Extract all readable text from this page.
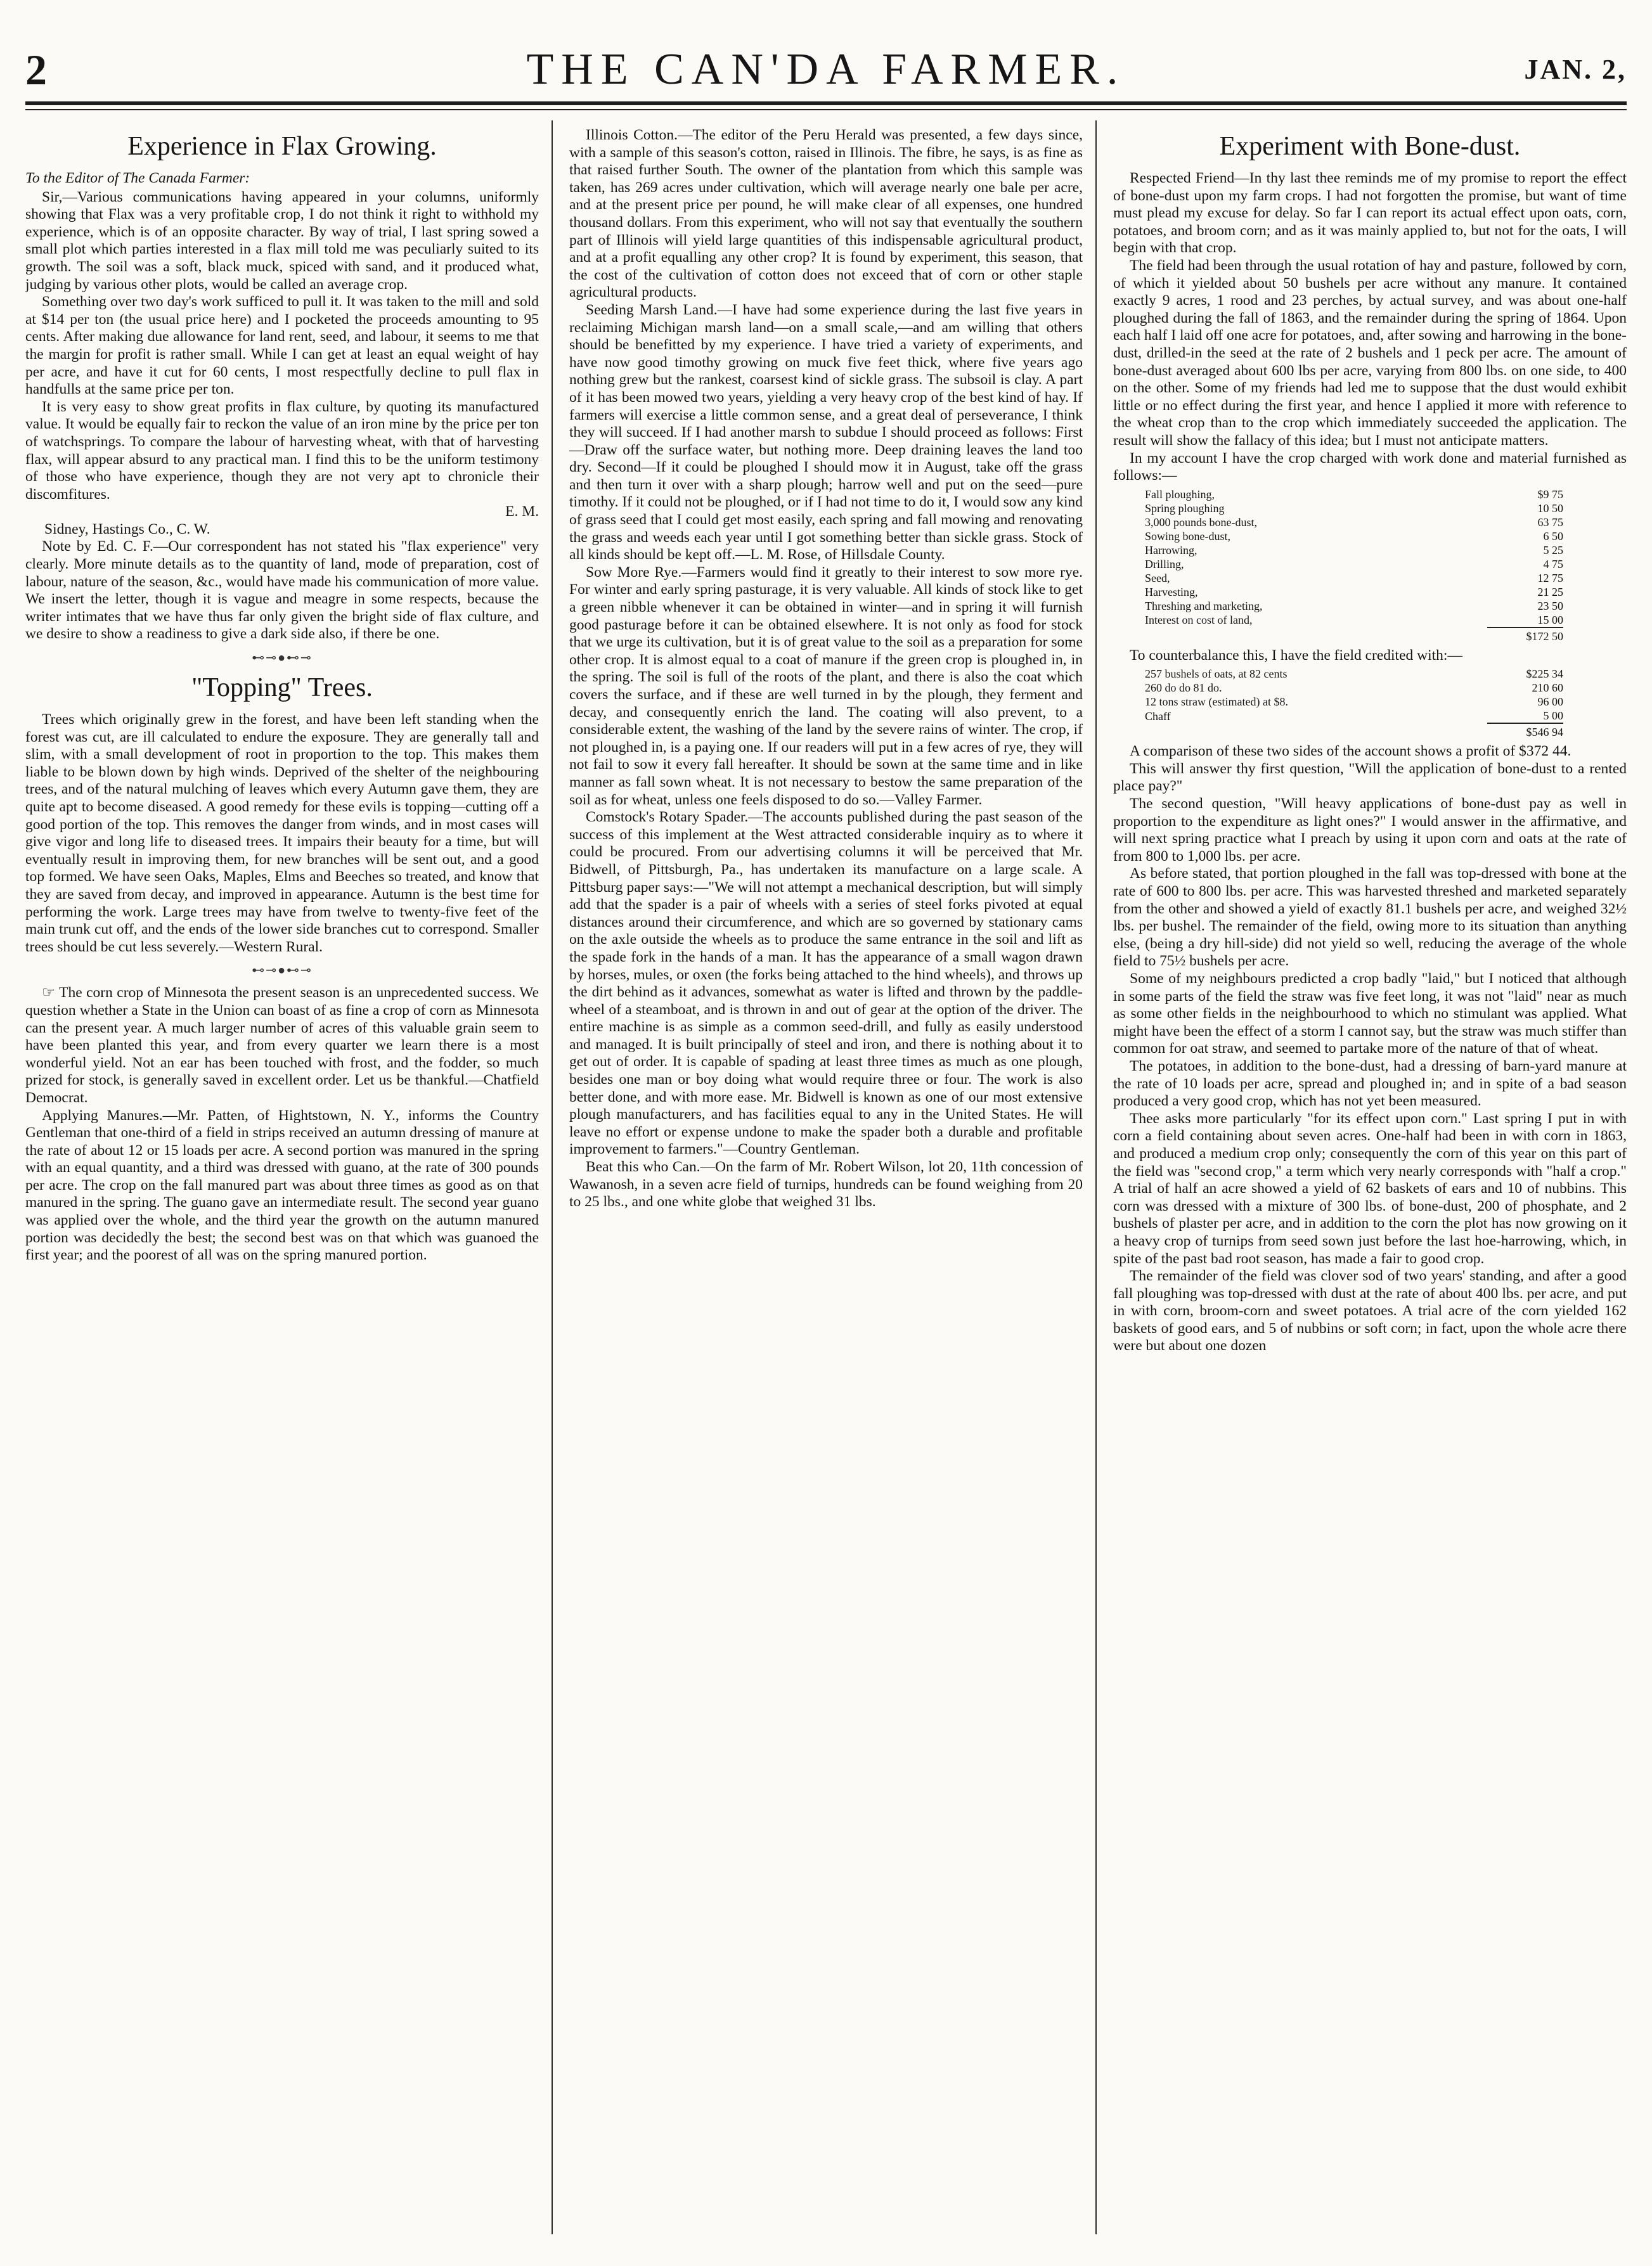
2	THE CAN'DA FARMER.	JAN. 2,
Experience in Flax Growing.

To the Editor of The Canada Farmer:

Sir,—Various communications having appeared in your columns, uniformly showing that Flax was a very profitable crop, I do not think it right to withhold my experience, which is of an opposite character. By way of trial, I last spring sowed a small plot which parties interested in a flax mill told me was peculiarly suited to its growth. The soil was a soft, black muck, spiced with sand, and it produced what, judging by various other plots, would be called an average crop.

Something over two day's work sufficed to pull it. It was taken to the mill and sold at $14 per ton (the usual price here) and I pocketed the proceeds amounting to 95 cents. After making due allowance for land rent, seed, and labour, it seems to me that the margin for profit is rather small. While I can get at least an equal weight of hay per acre, and have it cut for 60 cents, I most respectfully decline to pull flax in handfulls at the same price per ton.

It is very easy to show great profits in flax culture, by quoting its manufactured value. It would be equally fair to reckon the value of an iron mine by the price per ton of watchsprings. To compare the labour of harvesting wheat, with that of harvesting flax, will appear absurd to any practical man. I find this to be the uniform testimony of those who have experience, though they are not very apt to chronicle their discomfitures.

E. M.

Sidney, Hastings Co., C. W.

Note by Ed. C. F.—Our correspondent has not stated his "flax experience" very clearly. More minute details as to the quantity of land, mode of preparation, cost of labour, nature of the season, &c., would have made his communication of more value. We insert the letter, though it is vague and meagre in some respects, because the writer intimates that we have thus far only given the bright side of flax culture, and we desire to show a readiness to give a dark side also, if there be one.

⊷⊸●⊷⊸
"Topping" Trees.

Trees which originally grew in the forest, and have been left standing when the forest was cut, are ill calculated to endure the exposure. They are generally tall and slim, with a small development of root in proportion to the top. This makes them liable to be blown down by high winds. Deprived of the shelter of the neighbouring trees, and of the natural mulching of leaves which every Autumn gave them, they are quite apt to become diseased. A good remedy for these evils is topping—cutting off a good portion of the top. This removes the danger from winds, and in most cases will give vigor and long life to diseased trees. It impairs their beauty for a time, but will eventually result in improving them, for new branches will be sent out, and a good top formed. We have seen Oaks, Maples, Elms and Beeches so treated, and know that they are saved from decay, and improved in appearance. Autumn is the best time for performing the work. Large trees may have from twelve to twenty-five feet of the main trunk cut off, and the ends of the lower side branches cut to correspond. Smaller trees should be cut less severely.—Western Rural.

⊷⊸●⊷⊸

☞ The corn crop of Minnesota the present season is an unprecedented success. We question whether a State in the Union can boast of as fine a crop of corn as Minnesota can the present year. A much larger number of acres of this valuable grain seem to have been planted this year, and from every quarter we learn there is a most wonderful yield. Not an ear has been touched with frost, and the fodder, so much prized for stock, is generally saved in excellent order. Let us be thankful.—Chatfield Democrat.

Applying Manures.—Mr. Patten, of Hightstown, N. Y., informs the Country Gentleman that one-third of a field in strips received an autumn dressing of manure at the rate of about 12 or 15 loads per acre. A second portion was manured in the spring with an equal quantity, and a third was dressed with guano, at the rate of 300 pounds per acre. The crop on the fall manured part was about three times as good as on that manured in the spring. The guano gave an intermediate result. The second year guano was applied over the whole, and the third year the growth on the autumn manured portion was decidedly the best; the second best was on that which was guanoed the first year; and the poorest of all was on the spring manured portion.

Illinois Cotton.—The editor of the Peru Herald was presented, a few days since, with a sample of this season's cotton, raised in Illinois. The fibre, he says, is as fine as that raised further South. The owner of the plantation from which this sample was taken, has 269 acres under cultivation, which will average nearly one bale per acre, and at the present price per pound, he will make clear of all expenses, one hundred thousand dollars. From this experiment, who will not say that eventually the southern part of Illinois will yield large quantities of this indispensable agricultural product, and at a profit equalling any other crop? It is found by experiment, this season, that the cost of the cultivation of cotton does not exceed that of corn or other staple agricultural products.

Seeding Marsh Land.—I have had some experience during the last five years in reclaiming Michigan marsh land—on a small scale,—and am willing that others should be benefitted by my experience. I have tried a variety of experiments, and have now good timothy growing on muck five feet thick, where five years ago nothing grew but the rankest, coarsest kind of sickle grass. The subsoil is clay. A part of it has been mowed two years, yielding a very heavy crop of the best kind of hay. If farmers will exercise a little common sense, and a great deal of perseverance, I think they will succeed. If I had another marsh to subdue I should proceed as follows: First—Draw off the surface water, but nothing more. Deep draining leaves the land too dry. Second—If it could be ploughed I should mow it in August, take off the grass and then turn it over with a sharp plough; harrow well and put on the seed—pure timothy. If it could not be ploughed, or if I had not time to do it, I would sow any kind of grass seed that I could get most easily, each spring and fall mowing and renovating the grass and weeds each year until I got something better than sickle grass. Stock of all kinds should be kept off.—L. M. Rose, of Hillsdale County.

Sow More Rye.—Farmers would find it greatly to their interest to sow more rye. For winter and early spring pasturage, it is very valuable. All kinds of stock like to get a green nibble whenever it can be obtained in winter—and in spring it will furnish good pasturage before it can be obtained elsewhere. It is not only as food for stock that we urge its cultivation, but it is of great value to the soil as a preparation for some other crop. It is almost equal to a coat of manure if the green crop is ploughed in, in the spring. The soil is full of the roots of the plant, and there is also the coat which covers the surface, and if these are well turned in by the plough, they ferment and decay, and consequently enrich the land. The coating will also prevent, to a considerable extent, the washing of the land by the severe rains of winter. The crop, if not ploughed in, is a paying one. If our readers will put in a few acres of rye, they will not fail to sow it every fall hereafter. It should be sown at the same time and in like manner as fall sown wheat. It is not necessary to bestow the same preparation of the soil as for wheat, unless one feels disposed to do so.—Valley Farmer.

Comstock's Rotary Spader.—The accounts published during the past season of the success of this implement at the West attracted considerable inquiry as to where it could be procured. From our advertising columns it will be perceived that Mr. Bidwell, of Pittsburgh, Pa., has undertaken its manufacture on a large scale. A Pittsburg paper says:—"We will not attempt a mechanical description, but will simply add that the spader is a pair of wheels with a series of steel forks pivoted at equal distances around their circumference, and which are so governed by stationary cams on the axle outside the wheels as to produce the same entrance in the soil and lift as the spade fork in the hands of a man. It has the appearance of a small wagon drawn by horses, mules, or oxen (the forks being attached to the hind wheels), and throws up the dirt behind as it advances, somewhat as water is lifted and thrown by the paddle-wheel of a steamboat, and is thrown in and out of gear at the option of the driver. The entire machine is as simple as a common seed-drill, and fully as easily understood and managed. It is built principally of steel and iron, and there is nothing about it to get out of order. It is capable of spading at least three times as much as one plough, besides one man or boy doing what would require three or four. The work is also better done, and with more ease. Mr. Bidwell is known as one of our most extensive plough manufacturers, and has facilities equal to any in the United States. He will leave no effort or expense undone to make the spader both a durable and profitable improvement to farmers."—Country Gentleman.

Beat this who Can.—On the farm of Mr. Robert Wilson, lot 20, 11th concession of Wawanosh, in a seven acre field of turnips, hundreds can be found weighing from 20 to 25 lbs., and one white globe that weighed 31 lbs.

Experiment with Bone-dust.

Respected Friend—In thy last thee reminds me of my promise to report the effect of bone-dust upon my farm crops. I had not forgotten the promise, but want of time must plead my excuse for delay. So far I can report its actual effect upon oats, corn, potatoes, and broom corn; and as it was mainly applied to, but not for the oats, I will begin with that crop.

The field had been through the usual rotation of hay and pasture, followed by corn, of which it yielded about 50 bushels per acre without any manure. It contained exactly 9 acres, 1 rood and 23 perches, by actual survey, and was about one-half ploughed during the fall of 1863, and the remainder during the spring of 1864. Upon each half I laid off one acre for potatoes, and, after sowing and harrowing in the bone-dust, drilled-in the seed at the rate of 2 bushels and 1 peck per acre. The amount of bone-dust averaged about 600 lbs per acre, varying from 800 lbs. on one side, to 400 on the other. Some of my friends had led me to suppose that the dust would exhibit little or no effect during the first year, and hence I applied it more with reference to the wheat crop than to the crop which immediately succeeded the application. The result will show the fallacy of this idea; but I must not anticipate matters.

In my account I have the crop charged with work done and material furnished as follows:—

Fall ploughing,	$9 75
Spring ploughing	10 50
3,000 pounds bone-dust,	63 75
Sowing bone-dust,	6 50
Harrowing,	5 25
Drilling,	4 75
Seed,	12 75
Harvesting,	21 25
Threshing and marketing,	23 50
Interest on cost of land,	15 00
	$172 50

To counterbalance this, I have the field credited with:—

257 bushels of oats, at 82 cents	$225 34
260 do do 81 do.	210 60
12 tons straw (estimated) at $8.	96 00
Chaff	5 00
	$546 94

A comparison of these two sides of the account shows a profit of $372 44.

This will answer thy first question, "Will the application of bone-dust to a rented place pay?"

The second question, "Will heavy applications of bone-dust pay as well in proportion to the expenditure as light ones?" I would answer in the affirmative, and will next spring practice what I preach by using it upon corn and oats at the rate of from 800 to 1,000 lbs. per acre.

As before stated, that portion ploughed in the fall was top-dressed with bone at the rate of 600 to 800 lbs. per acre. This was harvested threshed and marketed separately from the other and showed a yield of exactly 81.1 bushels per acre, and weighed 32½ lbs. per bushel. The remainder of the field, owing more to its situation than anything else, (being a dry hill-side) did not yield so well, reducing the average of the whole field to 75½ bushels per acre.

Some of my neighbours predicted a crop badly "laid," but I noticed that although in some parts of the field the straw was five feet long, it was not "laid" near as much as some other fields in the neighbourhood to which no stimulant was applied. What might have been the effect of a storm I cannot say, but the straw was much stiffer than common for oat straw, and seemed to partake more of the nature of that of wheat.

The potatoes, in addition to the bone-dust, had a dressing of barn-yard manure at the rate of 10 loads per acre, spread and ploughed in; and in spite of a bad season produced a very good crop, which has not yet been measured.

Thee asks more particularly "for its effect upon corn." Last spring I put in with corn a field containing about seven acres. One-half had been in with corn in 1863, and produced a medium crop only; consequently the corn of this year on this part of the field was "second crop," a term which very nearly corresponds with "half a crop." A trial of half an acre showed a yield of 62 baskets of ears and 10 of nubbins. This corn was dressed with a mixture of 300 lbs. of bone-dust, 200 of phosphate, and 2 bushels of plaster per acre, and in addition to the corn the plot has now growing on it a heavy crop of turnips from seed sown just before the last hoe-harrowing, which, in spite of the past bad root season, has made a fair to good crop.

The remainder of the field was clover sod of two years' standing, and after a good fall ploughing was top-dressed with dust at the rate of about 400 lbs. per acre, and put in with corn, broom-corn and sweet potatoes. A trial acre of the corn yielded 162 baskets of good ears, and 5 of nubbins or soft corn; in fact, upon the whole acre there were but about one dozen
